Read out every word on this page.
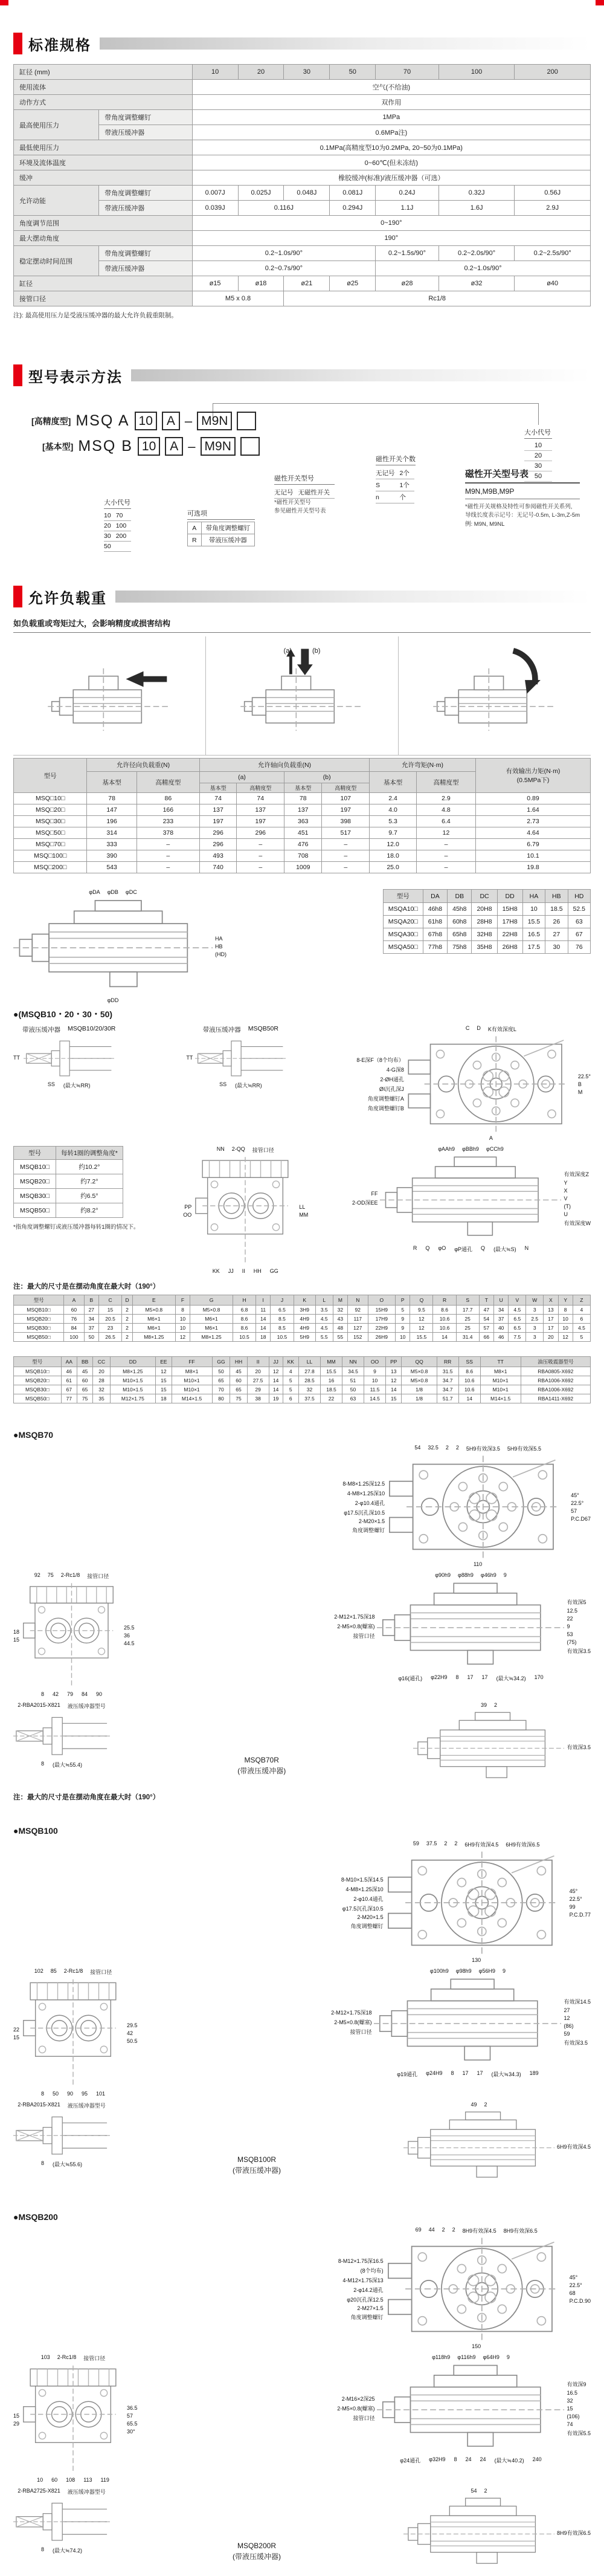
标准规格
缸径 (mm)		10	20	30	50	70	100	200
使用流体		空气(不给油)						
动作方式		双作用						
最高使用压力	带角度调整螺钉	1MPa						
	带液压缓冲器	0.6MPa注)						
最低使用压力		0.1MPa(高精度型10为0.2MPa, 20~50为0.1MPa)						
环境及流体温度		0~60℃(但未冻结)						
缓冲		橡胶缓冲(标准)/液压缓冲器（可选）						
允许动能	带角度调整螺钉	0.007J	0.025J	0.048J	0.081J	0.24J	0.32J	0.56J
	带液压缓冲器	0.039J	0.116J		0.294J	1.1J	1.6J	2.9J
角度调节范围		0~190°						
最大摆动角度		190°						
稳定摆动时间范围	带角度调整螺钉	0.2~1.0s/90°				0.2~1.5s/90°	0.2~2.0s/90°	0.2~2.5s/90°
	带液压缓冲器	0.2~0.7s/90°				0.2~1.0s/90°		
缸径		ø15	ø18	ø21	ø25	ø28	ø32	ø40
接管口径		M5 x 0.8		Rc1/8				
注): 最高使用压力是受液压缓冲器的最大允许负载重限制。
型号表示方法
[高精度型] MSQ A 10	A – M9N
[基本型] MSQ B 10	A – M9N
大小代号
10
20
30
50
大小代号
10	70
20	100
30	200
50	
可选项
A	带角度调整螺钉
R	带液压缓冲器
磁性开关型号
无记号	无磁性开关
*磁性开关型号
参见磁性开关型号表
磁性开关个数
无记号	2个
S	1个
n	个
磁性开关型号表
M9N,M9B,M9P
*磁性开关规格及特性可参阅磁性开关系列,
导线长度表示记号：无记号-0.5m, L-3m,Z-5m
例: M9N, M9NL
允许负载重
如负载重或弯矩过大，会影响精度或损害结构
(a)	(b)
型号	允许径向负载重(N)		允许轴向负载重(N)				允许弯矩(N·m)		有效输出力矩(N·m)
(0.5MPa下)

	基本型	高精度型	(a)		(b)		基本型	高精度型	
			基本型	高精度型	基本型	高精度型			
MSQ□10□	78	86	74	74	78	107	2.4	2.9	0.89
MSQ□20□	147	166	137	137	137	197	4.0	4.8	1.64
MSQ□30□	196	233	197	197	363	398	5.3	6.4	2.73
MSQ□50□	314	378	296	296	451	517	9.7	12	4.64
MSQ□70□	333	–	296	–	476	–	12.0	–	6.79
MSQ□100□	390	–	493	–	708	–	18.0	–	10.1
MSQ□200□	543	–	740	–	1009	–	25.0	–	19.8
φDA φDB φDC
HA
HB
(HD)
φDD
型号	DA	DB	DC	DD	HA	HB	HD
MSQA10□	46h8	45h8	20H8	15H8	10	18.5	52.5
MSQA20□	61h8	60h8	28H8	17H8	15.5	26	63
MSQA30□	67h8	65h8	32H8	22H8	16.5	27	67
MSQA50□	77h8	75h8	35H8	26H8	17.5	30	76
●(MSQB10・20・30・50)
带液压缓冲器 MSQB10/20/30R
TT
SS (最大≒RR)
带液压缓冲器 MSQB50R
TT
SS (最大≒RR)
C D K有效深度L
8-E深F（8个均布）
4-G深8
2-ØH通孔
ØI沉孔深J
角度调整螺钉A
角度调整螺钉B
22.5°
B
M
A
型号	每转1圈的调整角度*
MSQB10□	约10.2°
MSQB20□	约7.2°
MSQB30□	约6.5°
MSQB50□	约8.2°
*指角度调整螺钉或液压缓冲器每转1圈的情况下。
NN 2-QQ 接管口径
PP
OO
LL
MM
KK JJ II HH GG
φAAh9 φBBh9 φCCh9
FF
2-OD深EE
有效深度Z
Y
X
V
(T)
U
有效深度W
R Q φO φP通孔 Q (最大≒S) N
注：最大的尺寸是在摆动角度在最大时（190°）
型号	A	B	C	D	E	F	G	H	I	J	K	L	M	N	O	P	Q	R	S	T	U	V	W	X	Y	Z
MSQB10□	60	27	15	2	M5×0.8	8	M5×0.8	6.8	11	6.5	3H9	3.5	32	92	15H9	5	9.5	8.6	17.7	47	34	4.5	3	13	8	4
MSQB20□	76	34	20.5	2	M6×1	10	M6×1	8.6	14	8.5	4H9	4.5	43	117	17H9	9	12	10.6	25	54	37	6.5	2.5	17	10	6
MSQB30□	84	37	23	2	M6×1	10	M6×1	8.6	14	8.5	4H9	4.5	48	127	22H9	9	12	10.6	25	57	40	6.5	3	17	10	4.5
MSQB50□	100	50	26.5	2	M8×1.25	12	M8×1.25	10.5	18	10.5	5H9	5.5	55	152	26H9	10	15.5	14	31.4	66	46	7.5	3	20	12	5
型号	AA	BB	CC	DD	EE	FF	GG	HH	II	JJ	KK	LL	MM	NN	OO	PP	QQ	RR	SS	TT	油压吸震器型号
MSQB10□	46	45	20	M8×1.25	12	M8×1	50	45	20	12	4	27.8	15.5	34.5	9	13	M5×0.8	31.5	8.6	M8×1	RBA0805-X692
MSQB20□	61	60	28	M10×1.5	15	M10×1	65	60	27.5	14	5	28.5	16	51	10	12	M5×0.8	34.7	10.6	M10×1	RBA1006-X692
MSQB30□	67	65	32	M10×1.5	15	M10×1	70	65	29	14	5	32	18.5	50	11.5	14	1/8	34.7	10.6	M10×1	RBA1006-X692
MSQB50□	77	75	35	M12×1.75	18	M14×1.5	80	75	38	19	6	37.5	22	63	14.5	15	1/8	51.7	14	M14×1.5	RBA1411-X692
●MSQB70
54 32.5 2 2 5H9有效深3.5 5H9有效深5.5
8-M8×1.25深12.5
4-M8×1.25深10
2-φ10.4通孔
φ17.5沉孔深10.5
2-M20×1.5
角度调整螺钉
45°
22.5°
57
P.C.D67
110
92 75 2-Rc1/8 接管口径
18
15
25.5
36
44.5
8 42 79 84 90
φ90h9 φ88h9 φ46h9 9
2-M12×1.75深18
2-M5×0.8(螺塞)
接管口径
有效深5
12.5
22
9
53
(75)
有效深3.5
φ16(通孔) φ22H9 8 17 17 (最大≒34.2) 170
2-RBA2015-X821 液压缓冲器型号
8 (最大≒55.4)
MSQB70R
(带液压缓冲器)
39 2
有效深3.5
注：最大的尺寸是在摆动角度在最大时（190°）
●MSQB100
59 37.5 2 2 6H9有效深4.5 6H9有效深6.5
8-M10×1.5深14.5
4-M8×1.25深10
2-φ10.4通孔
φ17.5沉孔深10.5
2-M20×1.5
角度调整螺钉
45°
22.5°
99
P.C.D.77
130
102 85 2-Rc1/8 接管口径
22
15
29.5
42
50.5
8 50 90 95 101
φ100h9 φ98h9 φ56H9 9
2-M12×1.75深18
2-M5×0.8(螺塞)
接管口径
有效深14.5
27
12
(86)
59
有效深3.5
φ19通孔 φ24H9 8 17 17 (最大≒34.3) 189
2-RBA2015-X821 液压缓冲器型号
8 (最大≒55.6)
MSQB100R
(带液压缓冲器)
49 2
6H9有效深4.5
●MSQB200
69 44 2 2 8H9有效深4.5 8H9有效深6.5
8-M12×1.75深16.5
(8个均布)
4-M12×1.75深13
2-φ14.2通孔
φ20沉孔深12.5
2-M27×1.5
角度调整螺钉
45°
22.5°
68
P.C.D.90
150
103 2-Rc1/8 接管口径
15
29
36.5
57
65.5
30°
10 60 108 113 119
φ118h9 φ116h9 φ64H9 9
2-M16×2深25
2-M5×0.8(螺塞)
接管口径
有效深9
16.5
32
15
(106)
74
有效深5.5
φ24通孔 φ32H9 8 24 24 (最大≒40.2) 240
2-RBA2725-X821 液压缓冲器型号
8 (最大≒74.2)
MSQB200R
(带液压缓冲器)
54 2
8H9有效深6.5
